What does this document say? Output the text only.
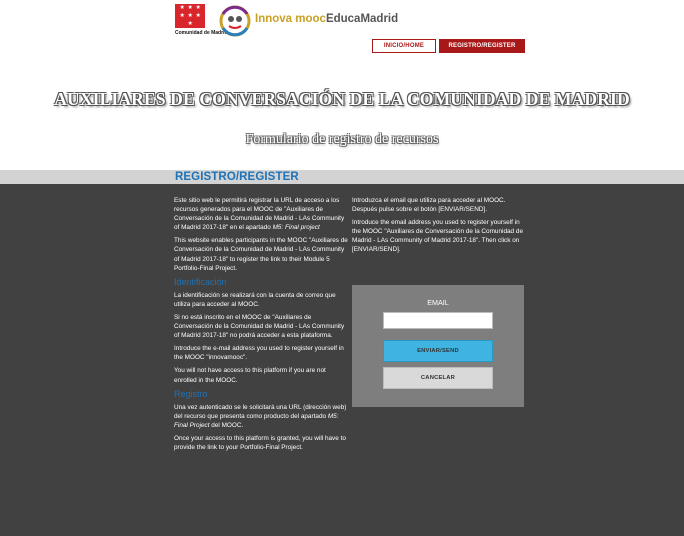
★ ★ ★
★ ★ ★
★
Comunidad de Madrid
Innova moocEducaMadrid
INICIO/HOME	REGISTRO/REGISTER
AUXILIARES DE CONVERSACIÓN DE LA COMUNIDAD DE MADRID
Formulario de registro de recursos
REGISTRO/REGISTER

Este sitio web le permitirá registrar la URL de acceso a los recursos generados para el MOOC de "Auxiliares de Conversación de la Comunidad de Madrid - LAs Community of Madrid 2017-18" en el apartado M5: Final project

This website enables participants in the MOOC "Auxiliares de Conversación de la Comunidad de Madrid - LAs Community of Madrid 2017-18" to register the link to their Module 5 Portfolio-Final Project.

Identificación

La identificación se realizará con la cuenta de correo que utiliza para acceder al MOOC.

Si no está inscrito en el MOOC de "Auxiliares de Conversación de la Comunidad de Madrid - LAs Community of Madrid 2017-18" no podrá acceder a esta plataforma.

Introduce the e-mail address you used to register yourself in the MOOC "innovamooc".

You will not have access to this platform if you are not enrolled in the MOOC.

Registro

Una vez autenticado se le solicitará una URL (dirección web) del recurso que presenta como producto del apartado M5: Final Project del MOOC.

Once your access to this platform is granted, you will have to provide the link to your Portfolio-Final Project.

Introduzca el email que utiliza para acceder al MOOC. Después pulse sobre el botón [ENVIAR/SEND].

Introduce the email address you used to register yourself in the MOOC "Auxiliares de Conversación de la Comunidad de Madrid - LAs Community of Madrid 2017-18". Then click on [ENVIAR/SEND].

EMAIL
ENVIAR/SEND
CANCELAR
